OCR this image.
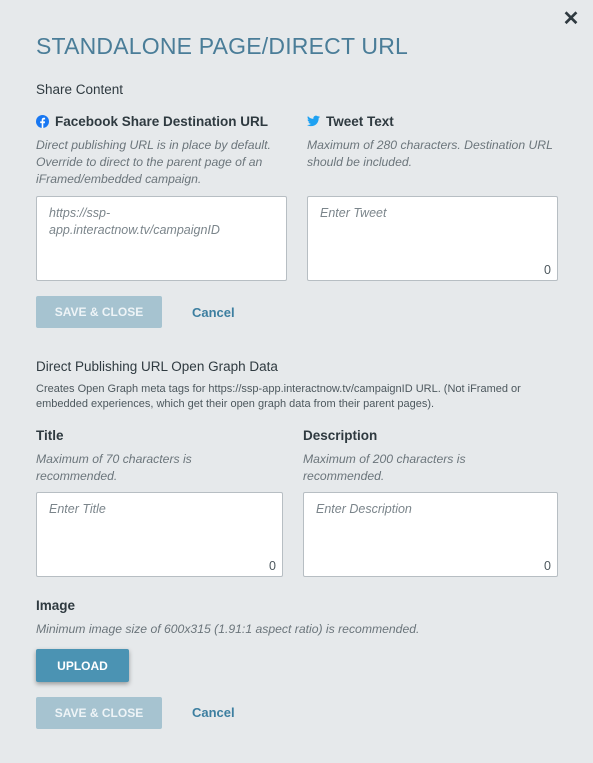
✕
STANDALONE PAGE/DIRECT URL
Share Content
Facebook Share Destination URL
Direct publishing URL is in place by default. Override to direct to the parent page of an iFramed/embedded campaign.
https://ssp-app.interactnow.tv/campaignID
Tweet Text
Maximum of 280 characters. Destination URL should be included.
Enter Tweet
0
SAVE & CLOSE	Cancel
Direct Publishing URL Open Graph Data
Creates Open Graph meta tags for https://ssp-app.interactnow.tv/campaignID URL. (Not iFramed or embedded experiences, which get their open graph data from their parent pages).
Title
Maximum of 70 characters is recommended.
Enter Title
0
Description
Maximum of 200 characters is recommended.
Enter Description
0
Image
Minimum image size of 600x315 (1.91:1 aspect ratio) is recommended.
UPLOAD
SAVE & CLOSE	Cancel
